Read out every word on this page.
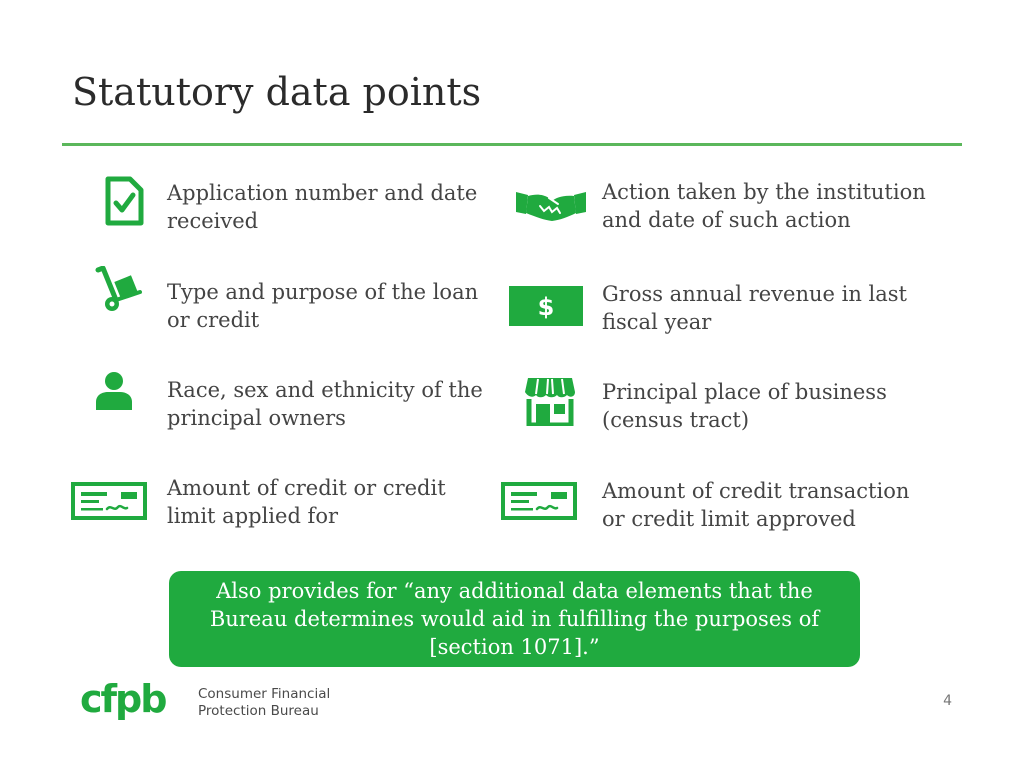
Statutory data points
Application number and date received
Action taken by the institution and date of such action
Type and purpose of the loan or credit	$ Gross annual revenue in last fiscal year
Race, sex and ethnicity of the principal owners
Principal place of business (census tract)
Amount of credit or credit limit applied for
Amount of credit transaction or credit limit approved
Also provides for “any additional data elements that the Bureau determines would aid in fulfilling the purposes of [section 1071].”
cfpb Consumer Financial
Protection Bureau
4
